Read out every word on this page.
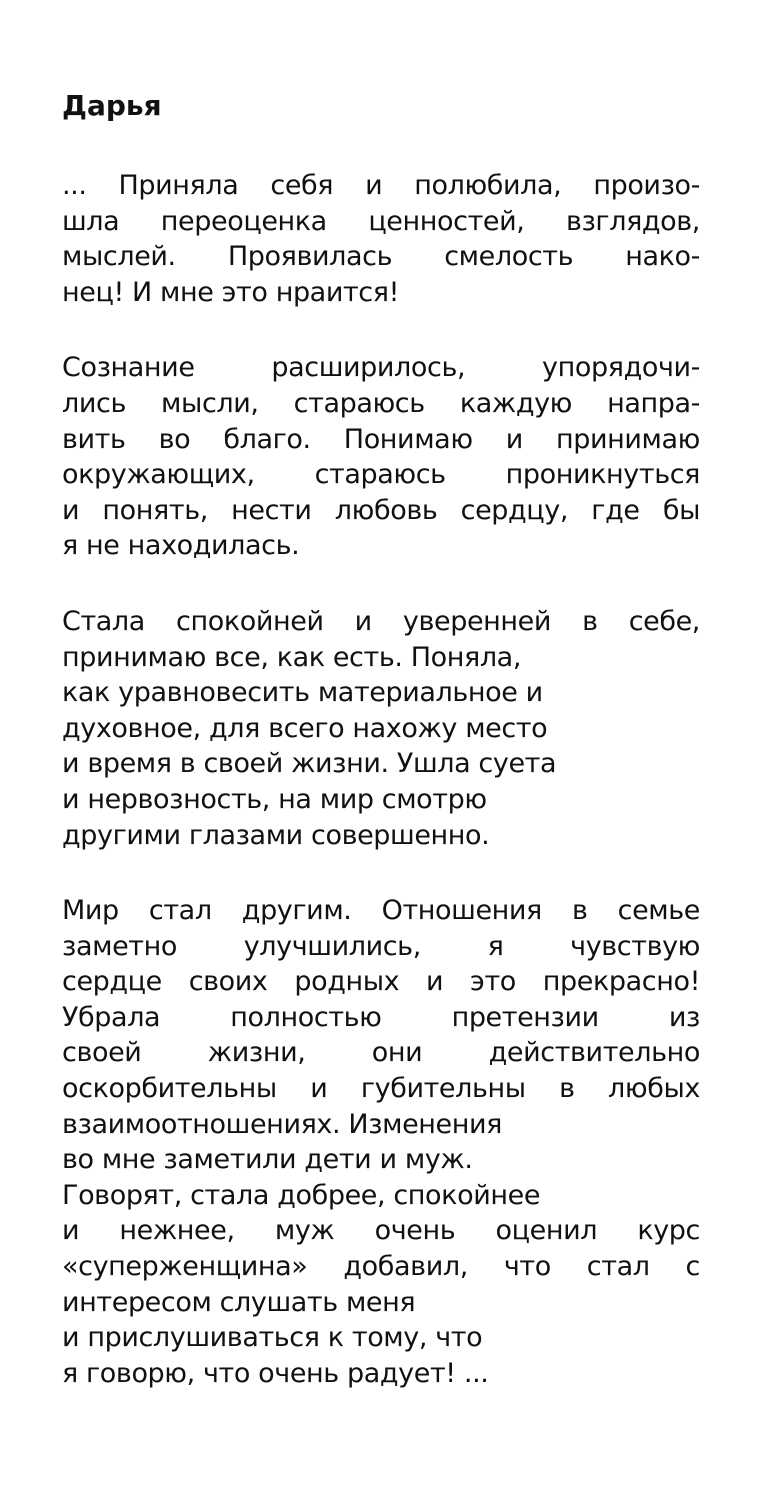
Дарья
... Приняла себя и полюбила, произо-
шла переоценка ценностей, взглядов,
мыслей. Проявилась смелость нако-
нец! И мне это нраится!
Сознание расширилось, упорядочи-
лись мысли, стараюсь каждую напра-
вить во благо. Понимаю и принимаю
окружающих, стараюсь проникнуться
и понять, нести любовь сердцу, где бы
я не находилась.
Стала спокойней и уверенней в себе,
принимаю все, как есть. Поняла,
как уравновесить материальное и
духовное, для всего нахожу место
и время в своей жизни. Ушла суета
и нервозность, на мир смотрю
другими глазами совершенно.
Мир стал другим. Отношения в семье
заметно улучшились, я чувствую
сердце своих родных и это прекрасно!
Убрала полностью претензии из
своей жизни, они действительно
оскорбительны и губительны в любых
взаимоотношениях. Изменения
во мне заметили дети и муж.
Говорят, стала добрее, спокойнее
и нежнее, муж очень оценил курс
«суперженщина» добавил, что стал с
интересом слушать меня
и прислушиваться к тому, что
я говорю, что очень радует! ...
